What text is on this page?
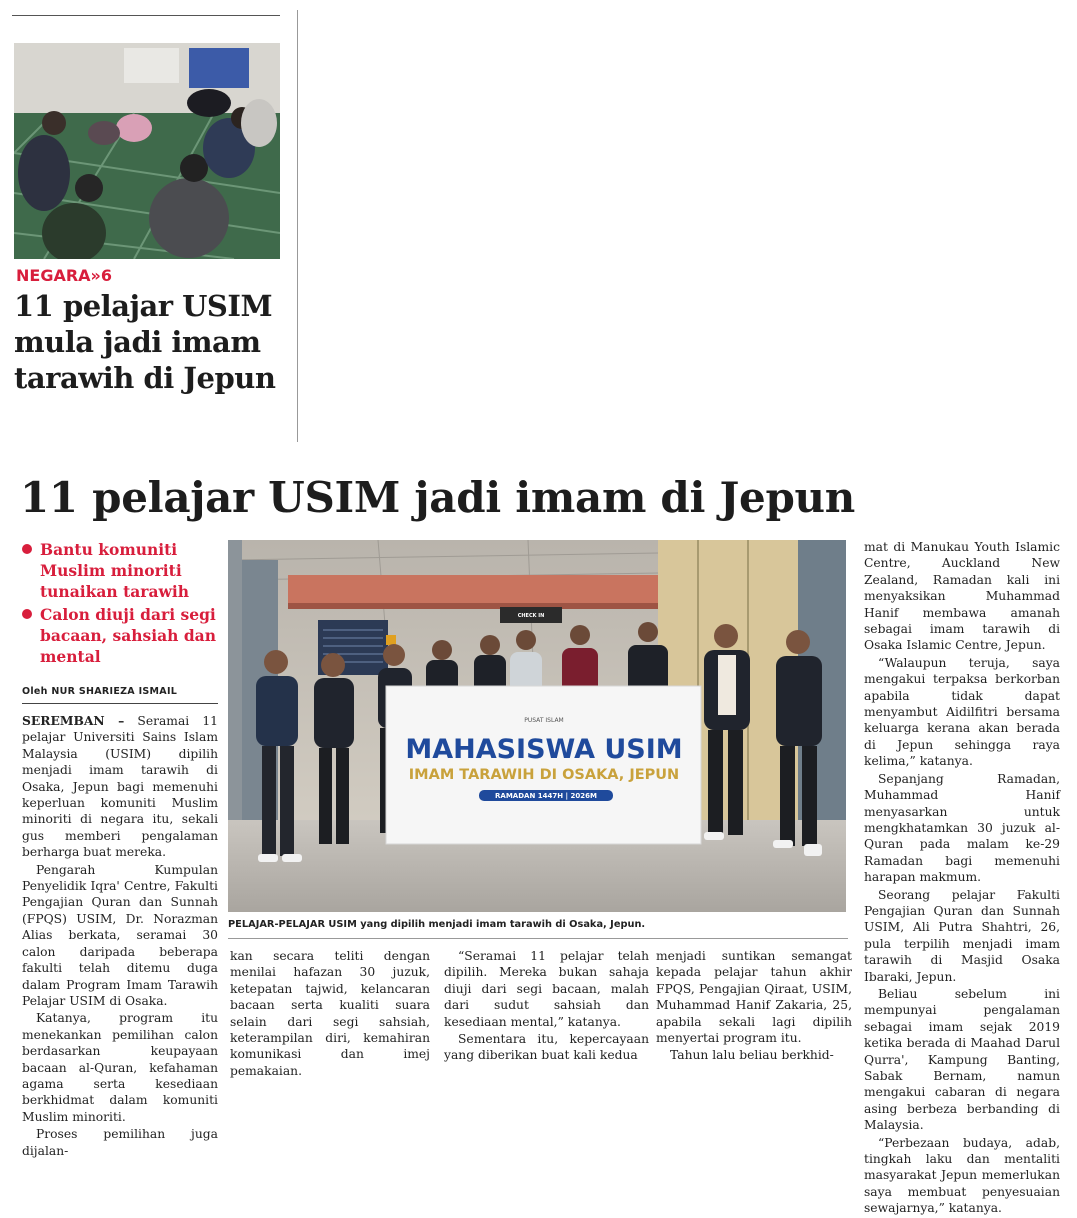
NEGARA»6
11 pelajar USIM mula jadi imam tarawih di Jepun
11 pelajar USIM jadi imam di Jepun
Bantu komuniti Muslim minoriti tunaikan tarawih
Calon diuji dari segi bacaan, sahsiah dan mental
Oleh NUR SHARIEZA ISMAIL

SEREMBAN – Seramai 11 pelajar Universiti Sains Islam Malaysia (USIM) dipilih menjadi imam tarawih di Osaka, Jepun bagi memenuhi keperluan komuniti Muslim minoriti di negara itu, sekali gus memberi pengalaman berharga buat mereka.

Pengarah Kumpulan Penyelidik Iqra' Centre, Fakulti Pengajian Quran dan Sunnah (FPQS) USIM, Dr. Norazman Alias berkata, seramai 30 calon daripada beberapa fakulti telah ditemu duga dalam Program Imam Tarawih Pelajar USIM di Osaka.

Katanya, program itu menekankan pemilihan calon berdasarkan keupayaan bacaan al-Quran, kefahaman agama serta kesediaan berkhidmat dalam komuniti Muslim minoriti.

Proses pemilihan juga dijalan-

CHECK IN
PUSAT ISLAM
MAHASISWA USIM
IMAM TARAWIH DI OSAKA, JEPUN
RAMADAN 1447H | 2026M
PELAJAR-PELAJAR USIM yang dipilih menjadi imam tarawih di Osaka, Jepun.

kan secara teliti dengan menilai hafazan 30 juzuk, ketepatan tajwid, kelancaran bacaan serta kualiti suara selain dari segi sahsiah, keterampilan diri, kemahiran komunikasi dan imej pemakaian.

“Seramai 11 pelajar telah dipilih. Mereka bukan sahaja diuji dari segi bacaan, malah dari sudut sahsiah dan kesediaan mental,” katanya.

Sementara itu, kepercayaan yang diberikan buat kali kedua

menjadi suntikan semangat kepada pelajar tahun akhir FPQS, Pengajian Qiraat, USIM, Muhammad Hanif Zakaria, 25, apabila sekali lagi dipilih menyertai program itu.

Tahun lalu beliau berkhid-

mat di Manukau Youth Islamic Centre, Auckland New Zealand, Ramadan kali ini menyaksikan Muhammad Hanif membawa amanah sebagai imam tarawih di Osaka Islamic Centre, Jepun.

“Walaupun teruja, saya mengakui terpaksa berkorban apabila tidak dapat menyambut Aidilfitri bersama keluarga kerana akan berada di Jepun sehingga raya kelima,” katanya.

Sepanjang Ramadan, Muhammad Hanif menyasarkan untuk mengkhatamkan 30 juzuk al-Quran pada malam ke-29 Ramadan bagi memenuhi harapan makmum.

Seorang pelajar Fakulti Pengajian Quran dan Sunnah USIM, Ali Putra Shahtri, 26, pula terpilih menjadi imam tarawih di Masjid Osaka Ibaraki, Jepun.

Beliau sebelum ini mempunyai pengalaman sebagai imam sejak 2019 ketika berada di Maahad Darul Qurra', Kampung Banting, Sabak Bernam, namun mengakui cabaran di negara asing berbeza berbanding di Malaysia.

“Perbezaan budaya, adab, tingkah laku dan mentaliti masyarakat Jepun memerlukan saya membuat penyesuaian sewajarnya,” katanya.
